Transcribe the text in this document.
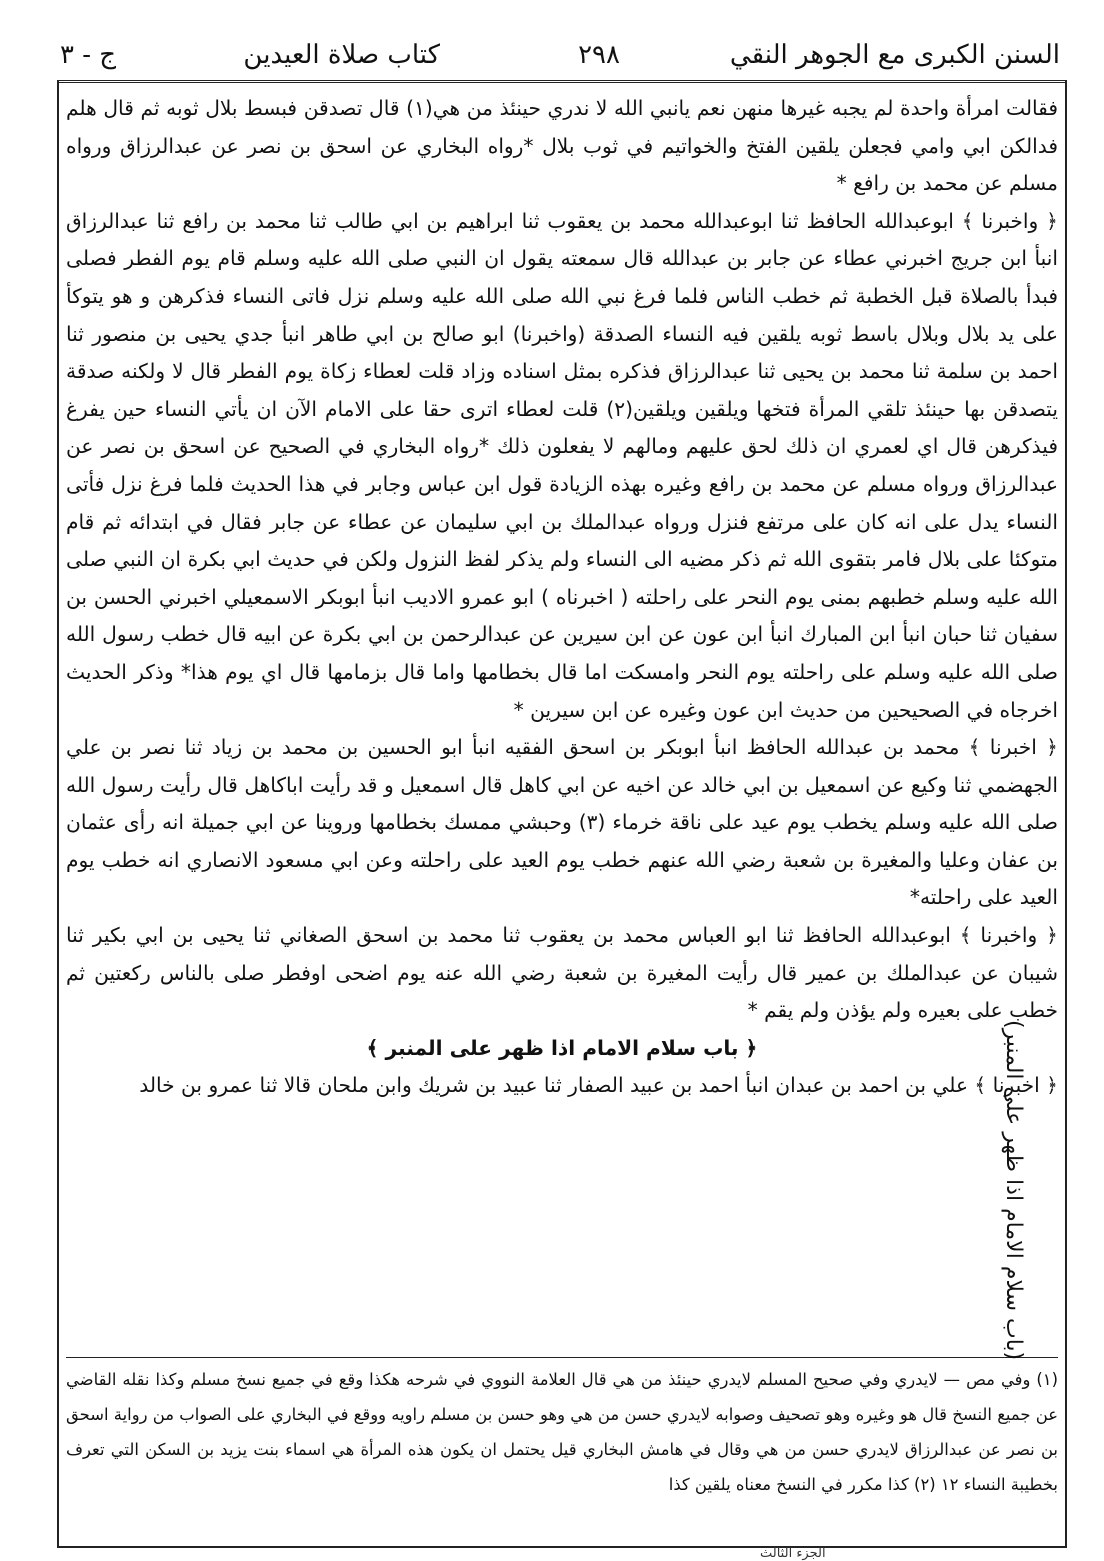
السنن الكبرى مع الجوهر النقي
٢٩٨
كتاب صلاة العيدين
ج - ٣

فقالت امرأة واحدة لم يجبه غيرها منهن نعم يانبي الله لا ندري حينئذ من هي(١) قال تصدقن فبسط بلال ثوبه ثم قال هلم فدالكن ابي وامي فجعلن يلقين الفتخ والخواتيم في ثوب بلال *رواه البخاري عن اسحق بن نصر عن عبدالرزاق ورواه مسلم عن محمد بن رافع *

﴿ واخبرنا ﴾ ابوعبدالله الحافظ ثنا ابوعبدالله محمد بن يعقوب ثنا ابراهيم بن ابي طالب ثنا محمد بن رافع ثنا عبدالرزاق انبأ ابن جريج اخبرني عطاء عن جابر بن عبدالله قال سمعته يقول ان النبي صلى الله عليه وسلم قام يوم الفطر فصلى فبدأ بالصلاة قبل الخطبة ثم خطب الناس فلما فرغ نبي الله صلى الله عليه وسلم نزل فاتى النساء فذكرهن و هو يتوكأ على يد بلال وبلال باسط ثوبه يلقين فيه النساء الصدقة (واخبرنا) ابو صالح بن ابي طاهر انبأ جدي يحيى بن منصور ثنا احمد بن سلمة ثنا محمد بن يحيى ثنا عبدالرزاق فذكره بمثل اسناده وزاد قلت لعطاء زكاة يوم الفطر قال لا ولكنه صدقة يتصدقن بها حينئذ تلقي المرأة فتخها ويلقين ويلقين(٢) قلت لعطاء اترى حقا على الامام الآن ان يأتي النساء حين يفرغ فيذكرهن قال اي لعمري ان ذلك لحق عليهم ومالهم لا يفعلون ذلك *رواه البخاري في الصحيح عن اسحق بن نصر عن عبدالرزاق ورواه مسلم عن محمد بن رافع وغيره بهذه الزيادة قول ابن عباس وجابر في هذا الحديث فلما فرغ نزل فأتى النساء يدل على انه كان على مرتفع فنزل ورواه عبدالملك بن ابي سليمان عن عطاء عن جابر فقال في ابتدائه ثم قام متوكئا على بلال فامر بتقوى الله ثم ذكر مضيه الى النساء ولم يذكر لفظ النزول ولكن في حديث ابي بكرة ان النبي صلى الله عليه وسلم خطبهم بمنى يوم النحر على راحلته ( اخبرناه ) ابو عمرو الاديب انبأ ابوبكر الاسمعيلي اخبرني الحسن بن سفيان ثنا حبان انبأ ابن المبارك انبأ ابن عون عن ابن سيرين عن عبدالرحمن بن ابي بكرة عن ابيه قال خطب رسول الله صلى الله عليه وسلم على راحلته يوم النحر وامسكت اما قال بخطامها واما قال بزمامها قال اي يوم هذا* وذكر الحديث اخرجاه في الصحيحين من حديث ابن عون وغيره عن ابن سيرين *

﴿ اخبرنا ﴾ محمد بن عبدالله الحافظ انبأ ابوبكر بن اسحق الفقيه انبأ ابو الحسين بن محمد بن زياد ثنا نصر بن علي الجهضمي ثنا وكيع عن اسمعيل بن ابي خالد عن اخيه عن ابي كاهل قال اسمعيل و قد رأيت اباكاهل قال رأيت رسول الله صلى الله عليه وسلم يخطب يوم عيد على ناقة خرماء (٣) وحبشي ممسك بخطامها وروينا عن ابي جميلة انه رأى عثمان بن عفان وعليا والمغيرة بن شعبة رضي الله عنهم خطب يوم العيد على راحلته وعن ابي مسعود الانصاري انه خطب يوم العيد على راحلته*

﴿ واخبرنا ﴾ ابوعبدالله الحافظ ثنا ابو العباس محمد بن يعقوب ثنا محمد بن اسحق الصغاني ثنا يحيى بن ابي بكير ثنا شيبان عن عبدالملك بن عمير قال رأيت المغيرة بن شعبة رضي الله عنه يوم اضحى اوفطر صلى بالناس ركعتين ثم خطب على بعيره ولم يؤذن ولم يقم *

﴿ باب سلام الامام اذا ظهر على المنبر ﴾

﴿ اخبرنا ﴾ علي بن احمد بن عبدان انبأ احمد بن عبيد الصفار ثنا عبيد بن شريك وابن ملحان قالا ثنا عمرو بن خالد

(١) وفي مص — لايدري وفي صحيح المسلم لايدري حينئذ من هي قال العلامة النووي في شرحه هكذا وقع في جميع نسخ مسلم وكذا نقله القاضي عن جميع النسخ قال هو وغيره وهو تصحيف وصوابه لايدري حسن من هي وهو حسن بن مسلم راويه ووقع في البخاري على الصواب من رواية اسحق بن نصر عن عبدالرزاق لايدري حسن من هي وقال في هامش البخاري قيل يحتمل ان يكون هذه المرأة هي اسماء بنت يزيد بن السكن التي تعرف بخطيبة النساء ١٢ (٢) كذا مكرر في النسخ معناه يلقين كذا

(باب سلام الامام اذا ظهر على المنبر)
الجزء الثالث
